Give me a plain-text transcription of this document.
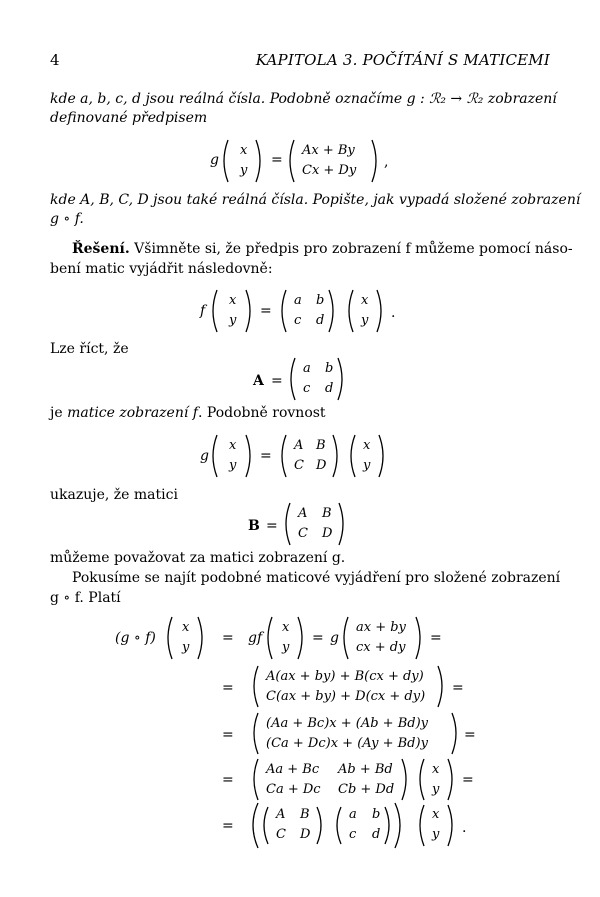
4	KAPITOLA 3. POČÍTÁNÍ S MATICEMI
kde a, b, c, d jsou reálná čísla. Podobně označíme g : ℛ₂ → ℛ₂ zobrazení
definované předpisem
g
x
y
=
Ax + By
Cx + Dy
,
kde A, B, C, D jsou také reálná čísla. Popište, jak vypadá složené zobrazení
g ∘ f.
Řešení. Všimněte si, že předpis pro zobrazení f můžeme pomocí náso-
bení matic vyjádřit následovně:
f
x
y
=
a b
c d
x
y .
Lze říct, že
A =
a b
c d
je matice zobrazení f. Podobně rovnost
g
x
y
=
A B
C D
x
y
ukazuje, že matici
B =
A B
C D
můžeme považovat za matici zobrazení g.
Pokusíme se najít podobné maticové vyjádření pro složené zobrazení
g ∘ f. Platí
(g ∘ f)
x
y
= gf
x
y
= g
ax + by
cx + dy
=
=
A(ax + by) + B(cx + dy)
C(ax + by) + D(cx + dy)
=
=
(Aa + Bc)x + (Ab + Bd)y
(Ca + Dc)x + (Ay + Bd)y
=
=
Aa + Bc Ab + Bd
Ca + Dc Cb + Dd
x
y
=
=
A B
C D
a b
c d
x
y .
